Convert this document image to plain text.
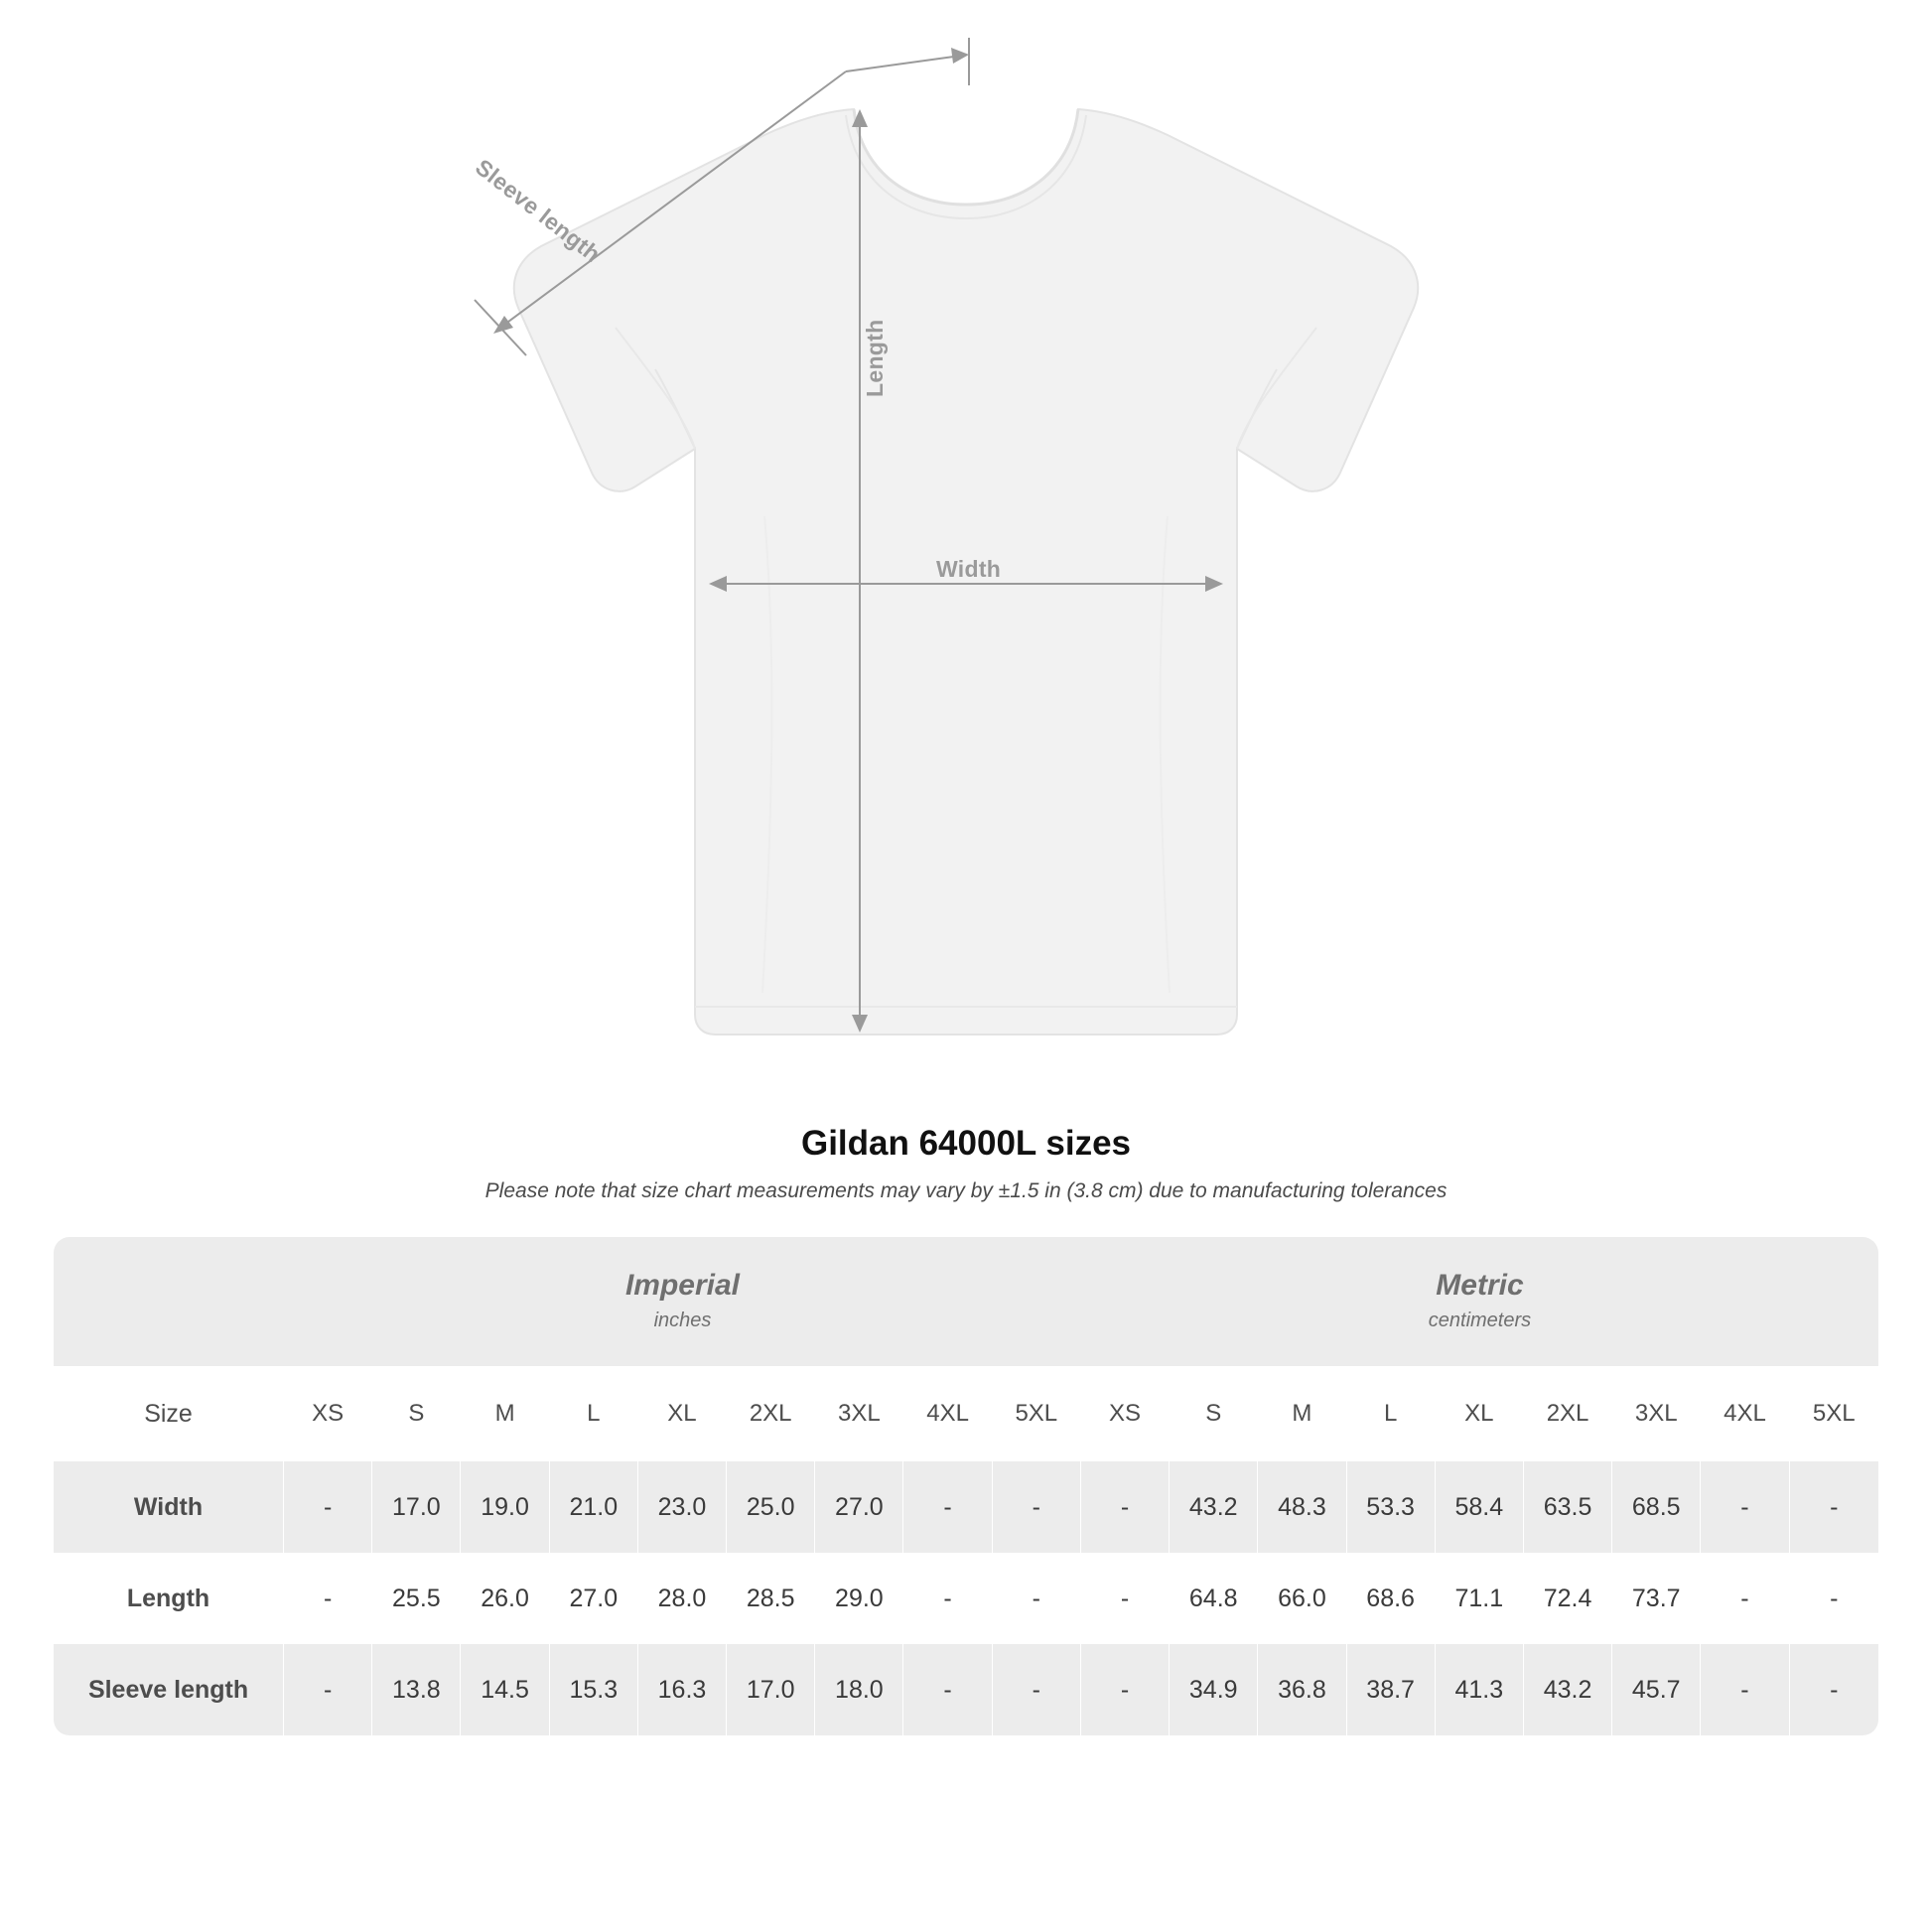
Width
Length
Sleeve length
Gildan 64000L sizes

Please note that size chart measurements may vary by ±1.5 in (3.8 cm) due to manufacturing tolerances

Imperial
inches

Metric
centimeters

Size	XS	S	M	L	XL	2XL	3XL	4XL	5XL	XS	S	M	L	XL	2XL	3XL	4XL	5XL
Width	-	17.0	19.0	21.0	23.0	25.0	27.0	-	-	-	43.2	48.3	53.3	58.4	63.5	68.5	-	-
Length	-	25.5	26.0	27.0	28.0	28.5	29.0	-	-	-	64.8	66.0	68.6	71.1	72.4	73.7	-	-
Sleeve length	-	13.8	14.5	15.3	16.3	17.0	18.0	-	-	-	34.9	36.8	38.7	41.3	43.2	45.7	-	-
